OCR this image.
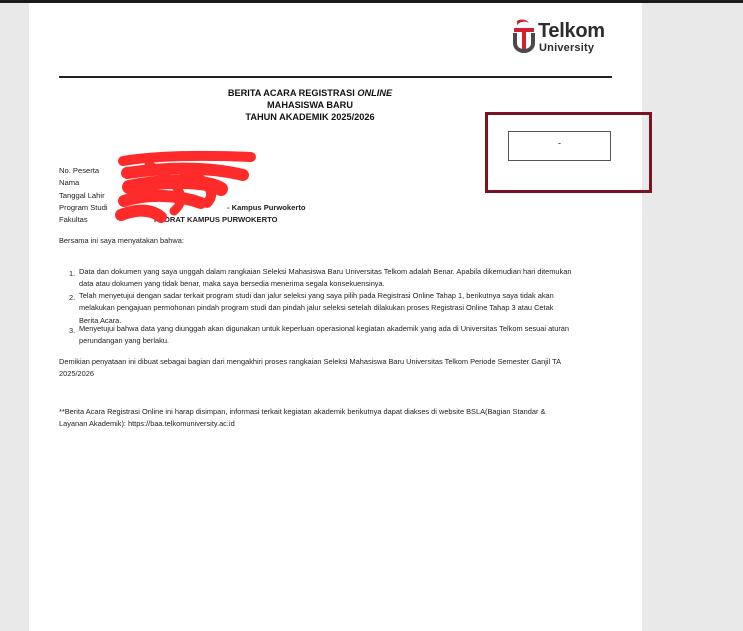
Telkom
University
BERITA ACARA REGISTRASI ONLINE
MAHASISWA BARU
TAHUN AKADEMIK 2025/2026
-
No. Peserta
Nama
Tanggal Lahir
Program Studi
Fakultas
- Kampus Purwokerto
KTORAT KAMPUS PURWOKERTO
Bersama ini saya menyatakan bahwa:
1. Data dan dokumen yang saya unggah dalam rangkaian Seleksi Mahasiswa Baru Universitas Telkom adalah Benar. Apabila dikemudian hari ditemukan
data atau dokumen yang tidak benar, maka saya bersedia menerima segala konsekuensinya.
2. Telah menyetujui dengan sadar terkait program studi dan jalur seleksi yang saya pilih pada Registrasi Online Tahap 1, berikutnya saya tidak akan
melakukan pengajuan permohonan pindah program studi dan pindah jalur seleksi setelah dilakukan proses Registrasi Online Tahap 3 atau Cetak
Berita Acara.
3. Menyetujui bahwa data yang diunggah akan digunakan untuk keperluan operasional kegiatan akademik yang ada di Universitas Telkom sesuai aturan
perundangan yang berlaku.
Demikian penyataan ini dibuat sebagai bagian dari mengakhiri proses rangkaian Seleksi Mahasiswa Baru Universitas Telkom Periode Semester Ganjil TA
2025/2026
**Berita Acara Registrasi Online ini harap disimpan, informasi terkait kegiatan akademik berikutnya dapat diakses di website BSLA(Bagian Standar &
Layanan Akademik): https://baa.telkomuniversity.ac.id
